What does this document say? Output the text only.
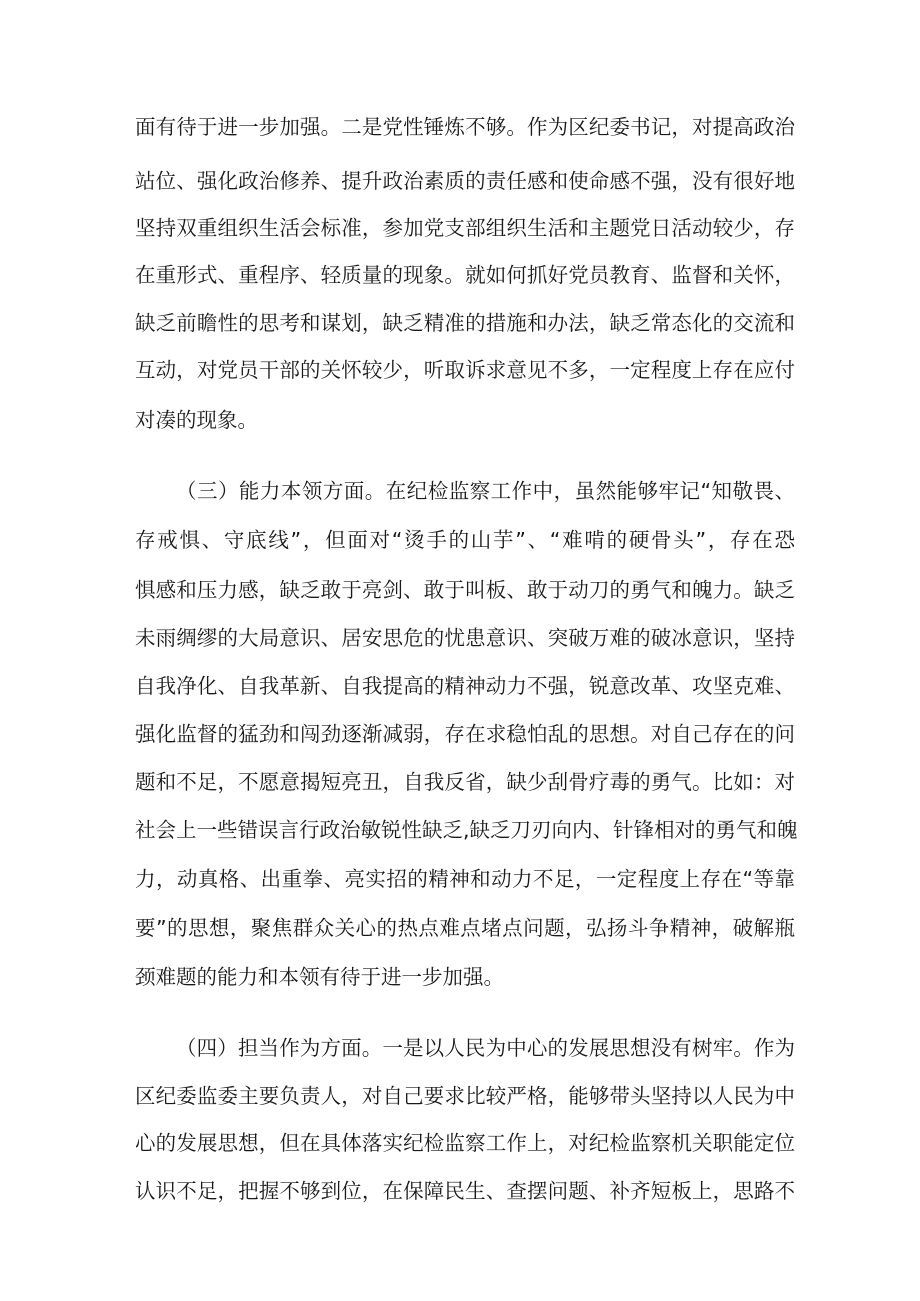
面有待于进一步加强。二是党性锤炼不够。作为区纪委书记，对提高政治
站位、强化政治修养、提升政治素质的责任感和使命感不强，没有很好地
坚持双重组织生活会标准，参加党支部组织生活和主题党日活动较少，存
在重形式、重程序、轻质量的现象。就如何抓好党员教育、监督和关怀，
缺乏前瞻性的思考和谋划，缺乏精准的措施和办法，缺乏常态化的交流和
互动，对党员干部的关怀较少，听取诉求意见不多，一定程度上存在应付
对凑的现象。
（三）能力本领方面。在纪检监察工作中，虽然能够牢记“知敬畏、
存戒惧、守底线”，但面对“烫手的山芋”、“难啃的硬骨头”，存在恐
惧感和压力感，缺乏敢于亮剑、敢于叫板、敢于动刀的勇气和魄力。缺乏
未雨绸缪的大局意识、居安思危的忧患意识、突破万难的破冰意识，坚持
自我净化、自我革新、自我提高的精神动力不强，锐意改革、攻坚克难、
强化监督的猛劲和闯劲逐渐减弱，存在求稳怕乱的思想。对自己存在的问
题和不足，不愿意揭短亮丑，自我反省，缺少刮骨疗毒的勇气。比如：对
社会上一些错误言行政治敏锐性缺乏,缺乏刀刃向内、针锋相对的勇气和魄
力，动真格、出重拳、亮实招的精神和动力不足，一定程度上存在“等靠
要”的思想，聚焦群众关心的热点难点堵点问题，弘扬斗争精神，破解瓶
颈难题的能力和本领有待于进一步加强。
（四）担当作为方面。一是以人民为中心的发展思想没有树牢。作为
区纪委监委主要负责人，对自己要求比较严格，能够带头坚持以人民为中
心的发展思想，但在具体落实纪检监察工作上，对纪检监察机关职能定位
认识不足，把握不够到位，在保障民生、查摆问题、补齐短板上，思路不
